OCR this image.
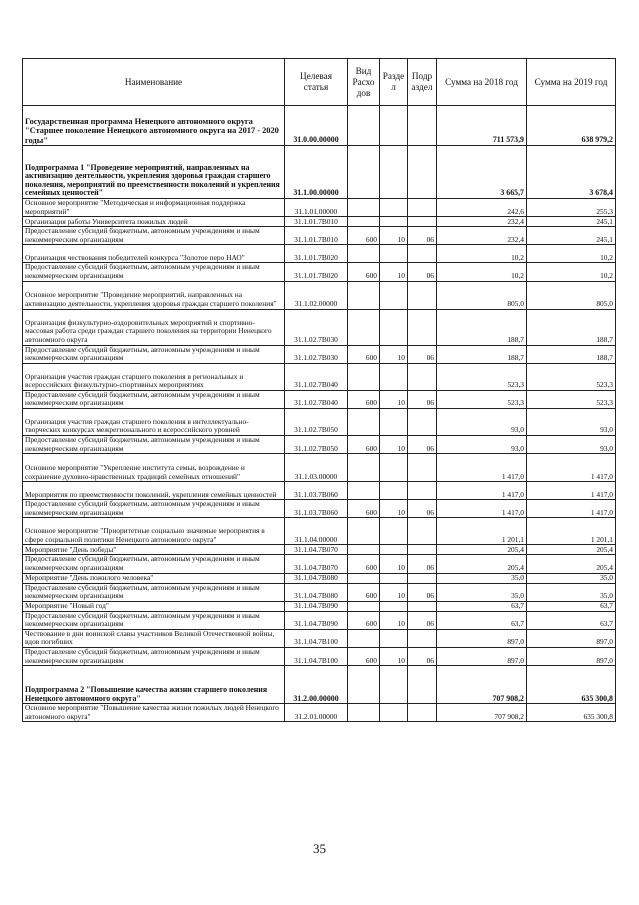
Наименование	Целевая статья	Вид Расхо дов	Разде л	Подр аздел	Сумма на 2018 год	Сумма на 2019 год
Государственная программа Ненецкого автономного округа "Старшее поколение Ненецкого автономного округа на 2017 - 2020 годы"	31.0.00.00000				711 573,9	638 979,2
Подпрограмма 1 "Проведение мероприятий, направленных на активизацию деятельности, укрепления здоровья граждан старшего поколения, мероприятий по преемственности поколений и укрепления семейных ценностей"	31.1.00.00000				3 665,7	3 678,4
Основное мероприятие "Методическая и информационная поддержка мероприятий"	31.1.01.00000				242,6	255,3
Организация работы Университета пожилых людей	31.1.01.7В010				232,4	245,1
Предоставление субсидий бюджетным, автономным учреждениям и иным некоммерческим организациям	31.1.01.7В010	600	10	06	232,4	245,1
Организация чествования победителей конкурса "Золотое перо НАО"	31.1.01.7В020				10,2	10,2
Предоставление субсидий бюджетным, автономным учреждениям и иным некоммерческим организациям	31.1.01.7В020	600	10	06	10,2	10,2
Основное мероприятие "Проведение мероприятий, направленных на активизацию деятельности, укрепления здоровья граждан старшего поколения"	31.1.02.00000				805,0	805,0
Организация физкультурно-оздоровительных мероприятий и спортивно-массовая работа среди граждан старшего поколения на территории Ненецкого автономного округа	31.1.02.7В030				188,7	188,7
Предоставление субсидий бюджетным, автономным учреждениям и иным некоммерческим организациям	31.1.02.7В030	600	10	06	188,7	188,7
Организация участия граждан старшего поколения в региональных и всероссийских физкультурно-спортивных мероприятиях	31.1.02.7В040				523,3	523,3
Предоставление субсидий бюджетным, автономным учреждениям и иным некоммерческим организациям	31.1.02.7В040	600	10	06	523,3	523,3
Организация участия граждан старшего поколения в интеллектуально-творческих конкурсах межрегионального и всероссийского уровней	31.1.02.7В050				93,0	93,0
Предоставление субсидий бюджетным, автономным учреждениям и иным некоммерческим организациям	31.1.02.7В050	600	10	06	93,0	93,0
Основное мероприятие "Укрепление института семьи, возрождение и сохранение духовно-нравственных традиций семейных отношений"	31.1.03.00000				1 417,0	1 417,0
Мероприятия по преемственности поколений, укрепления семейных ценностей	31.1.03.7В060				1 417,0	1 417,0
Предоставление субсидий бюджетным, автономным учреждениям и иным некоммерческим организациям	31.1.03.7В060	600	10	06	1 417,0	1 417,0
Основное мероприятие "Приоритетные социально значимые мероприятия в сфере социальной политики Ненецкого автономного округа"	31.1.04.00000				1 201,1	1 201,1
Мероприятие "День победы"	31.1.04.7В070				205,4	205,4
Предоставление субсидий бюджетным, автономным учреждениям и иным некоммерческим организациям	31.1.04.7В070	600	10	06	205,4	205,4
Мероприятие "День пожилого человека"	31.1.04.7В080				35,0	35,0
Предоставление субсидий бюджетным, автономным учреждениям и иным некоммерческим организациям	31.1.04.7В080	600	10	06	35,0	35,0
Мероприятие "Новый год"	31.1.04.7В090				63,7	63,7
Предоставление субсидий бюджетным, автономным учреждениям и иным некоммерческим организациям	31.1.04.7В090	600	10	06	63,7	63,7
Чествование в дни воинской славы участников Великой Отечественной войны, вдов погибших	31.1.04.7В100				897,0	897,0
Предоставление субсидий бюджетным, автономным учреждениям и иным некоммерческим организациям	31.1.04.7В100	600	10	06	897,0	897,0
Подпрограмма 2 "Повышение качества жизни старшего поколения Ненецкого автономного округа"	31.2.00.00000				707 908,2	635 300,8
Основное мероприятие "Повышение качества жизни пожилых людей Ненецкого автономного округа"	31.2.01.00000				707 908,2	635 300,8
35
